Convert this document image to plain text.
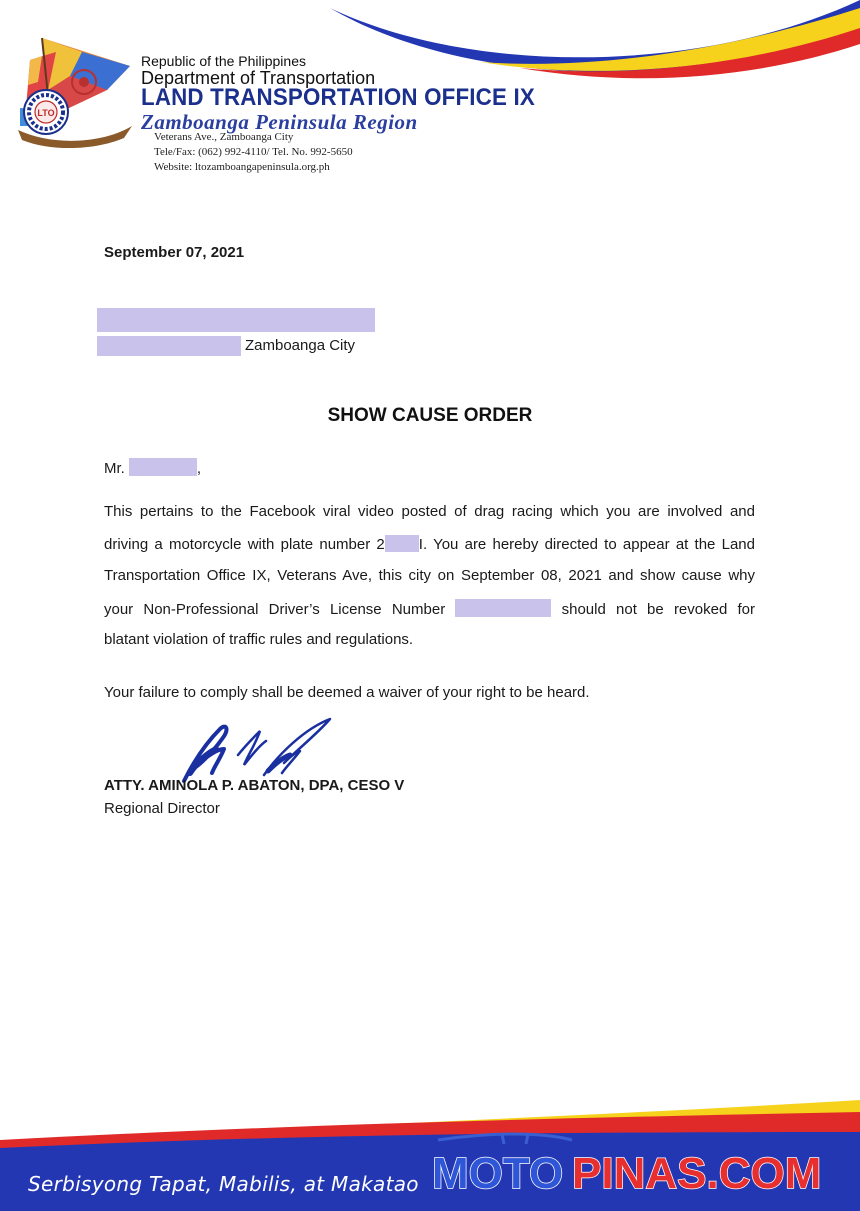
LTO
Republic of the Philippines
Department of Transportation
LAND TRANSPORTATION OFFICE IX
Zamboanga Peninsula Region
Veterans Ave., Zamboanga City
Tele/Fax: (062) 992-4110/ Tel. No. 992-5650
Website: ltozamboangapeninsula.org.ph
September 07, 2021
Zamboanga City
SHOW CAUSE ORDER
Mr.	,
This pertains to the Facebook viral video posted of drag racing which you are involved and
driving a motorcycle with plate number 2 I. You are hereby directed to appear at the Land
Transportation Office IX, Veterans Ave, this city on September 08, 2021 and show cause why
your Non-Professional Driver’s License Number	should not be revoked for
blatant violation of traffic rules and regulations.
Your failure to comply shall be deemed a waiver of your right to be heard.
ATTY. AMINOLA P. ABATON, DPA, CESO V
Regional Director
Serbisyong Tapat, Mabilis, at Makatao MOTO PINAS.COM
